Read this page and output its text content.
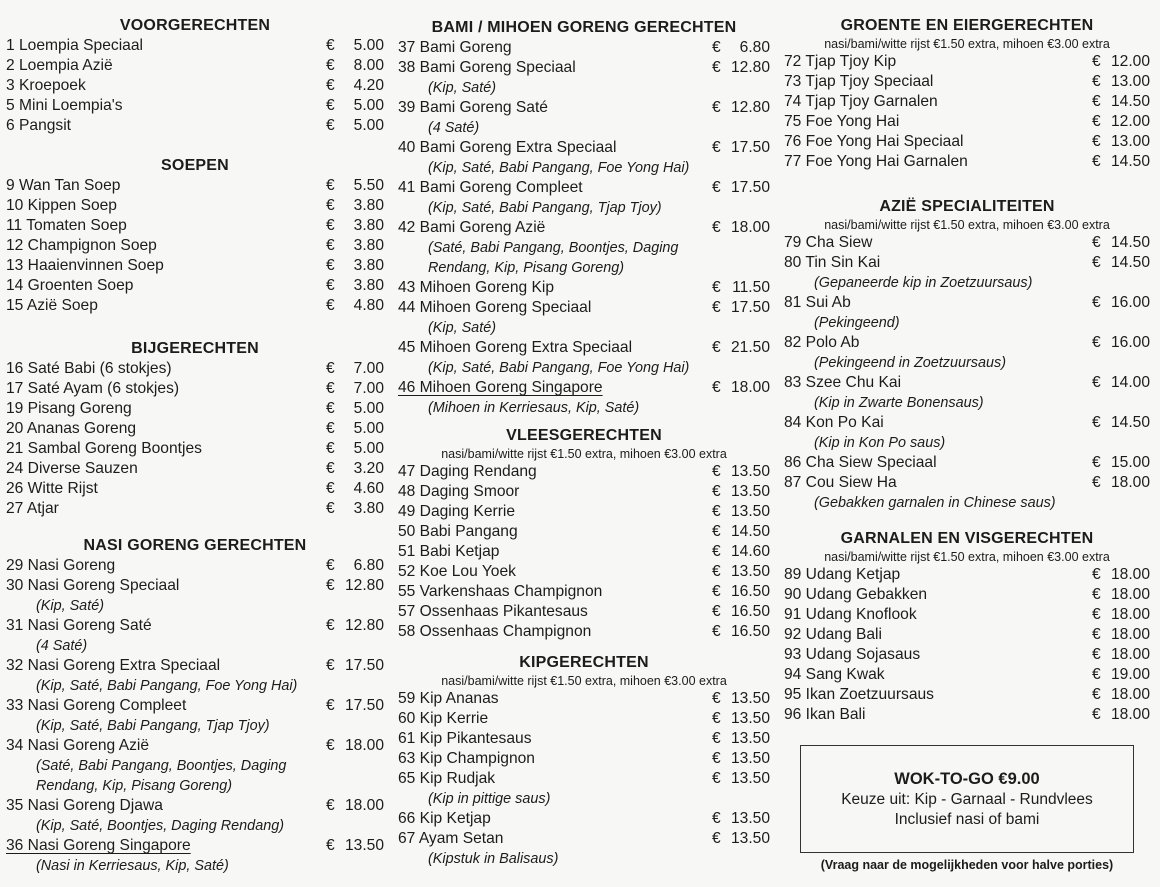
VOORGERECHTEN
1 Loempia Speciaal	€ 5.00
2 Loempia Azië	€ 8.00
3 Kroepoek	€ 4.20
5 Mini Loempia's	€ 5.00
6 Pangsit	€ 5.00
SOEPEN
9 Wan Tan Soep	€ 5.50
10 Kippen Soep	€ 3.80
11 Tomaten Soep	€ 3.80
12 Champignon Soep	€ 3.80
13 Haaienvinnen Soep	€ 3.80
14 Groenten Soep	€ 3.80
15 Azië Soep	€ 4.80
BIJGERECHTEN
16 Saté Babi (6 stokjes)	€ 7.00
17 Saté Ayam (6 stokjes)	€ 7.00
19 Pisang Goreng	€ 5.00
20 Ananas Goreng	€ 5.00
21 Sambal Goreng Boontjes	€ 5.00
24 Diverse Sauzen	€ 3.20
26 Witte Rijst	€ 4.60
27 Atjar	€ 3.80
NASI GORENG GERECHTEN
29 Nasi Goreng	€ 6.80
30 Nasi Goreng Speciaal	€ 12.80
(Kip, Saté)
31 Nasi Goreng Saté	€ 12.80
(4 Saté)
32 Nasi Goreng Extra Speciaal	€ 17.50
(Kip, Saté, Babi Pangang, Foe Yong Hai)
33 Nasi Goreng Compleet	€ 17.50
(Kip, Saté, Babi Pangang, Tjap Tjoy)
34 Nasi Goreng Azië	€ 18.00
(Saté, Babi Pangang, Boontjes, Daging
Rendang, Kip, Pisang Goreng)
35 Nasi Goreng Djawa	€ 18.00
(Kip, Saté, Boontjes, Daging Rendang)
36 Nasi Goreng Singapore	€ 13.50
(Nasi in Kerriesaus, Kip, Saté)
BAMI / MIHOEN GORENG GERECHTEN
37 Bami Goreng	€ 6.80
38 Bami Goreng Speciaal	€ 12.80
(Kip, Saté)
39 Bami Goreng Saté	€ 12.80
(4 Saté)
40 Bami Goreng Extra Speciaal	€ 17.50
(Kip, Saté, Babi Pangang, Foe Yong Hai)
41 Bami Goreng Compleet	€ 17.50
(Kip, Saté, Babi Pangang, Tjap Tjoy)
42 Bami Goreng Azië	€ 18.00
(Saté, Babi Pangang, Boontjes, Daging
Rendang, Kip, Pisang Goreng)
43 Mihoen Goreng Kip	€ 11.50
44 Mihoen Goreng Speciaal	€ 17.50
(Kip, Saté)
45 Mihoen Goreng Extra Speciaal	€ 21.50
(Kip, Saté, Babi Pangang, Foe Yong Hai)
46 Mihoen Goreng Singapore	€ 18.00
(Mihoen in Kerriesaus, Kip, Saté)
VLEESGERECHTEN
nasi/bami/witte rijst €1.50 extra, mihoen €3.00 extra
47 Daging Rendang	€ 13.50
48 Daging Smoor	€ 13.50
49 Daging Kerrie	€ 13.50
50 Babi Pangang	€ 14.50
51 Babi Ketjap	€ 14.60
52 Koe Lou Yoek	€ 13.50
55 Varkenshaas Champignon	€ 16.50
57 Ossenhaas Pikantesaus	€ 16.50
58 Ossenhaas Champignon	€ 16.50
KIPGERECHTEN
nasi/bami/witte rijst €1.50 extra, mihoen €3.00 extra
59 Kip Ananas	€ 13.50
60 Kip Kerrie	€ 13.50
61 Kip Pikantesaus	€ 13.50
63 Kip Champignon	€ 13.50
65 Kip Rudjak	€ 13.50
(Kip in pittige saus)
66 Kip Ketjap	€ 13.50
67 Ayam Setan	€ 13.50
(Kipstuk in Balisaus)
WOK-TO-GO €9.00
Keuze uit: Kip - Garnaal - Rundvlees
Inclusief nasi of bami
(Vraag naar de mogelijkheden voor halve porties)
GROENTE EN EIERGERECHTEN
nasi/bami/witte rijst €1.50 extra, mihoen €3.00 extra
72 Tjap Tjoy Kip	€ 12.00
73 Tjap Tjoy Speciaal	€ 13.00
74 Tjap Tjoy Garnalen	€ 14.50
75 Foe Yong Hai	€ 12.00
76 Foe Yong Hai Speciaal	€ 13.00
77 Foe Yong Hai Garnalen	€ 14.50
AZIË SPECIALITEITEN
nasi/bami/witte rijst €1.50 extra, mihoen €3.00 extra
79 Cha Siew	€ 14.50
80 Tin Sin Kai	€ 14.50
(Gepaneerde kip in Zoetzuursaus)
81 Sui Ab	€ 16.00
(Pekingeend)
82 Polo Ab	€ 16.00
(Pekingeend in Zoetzuursaus)
83 Szee Chu Kai	€ 14.00
(Kip in Zwarte Bonensaus)
84 Kon Po Kai	€ 14.50
(Kip in Kon Po saus)
86 Cha Siew Speciaal	€ 15.00
87 Cou Siew Ha	€ 18.00
(Gebakken garnalen in Chinese saus)
GARNALEN EN VISGERECHTEN
nasi/bami/witte rijst €1.50 extra, mihoen €3.00 extra
89 Udang Ketjap	€ 18.00
90 Udang Gebakken	€ 18.00
91 Udang Knoflook	€ 18.00
92 Udang Bali	€ 18.00
93 Udang Sojasaus	€ 18.00
94 Sang Kwak	€ 19.00
95 Ikan Zoetzuursaus	€ 18.00
96 Ikan Bali	€ 18.00
